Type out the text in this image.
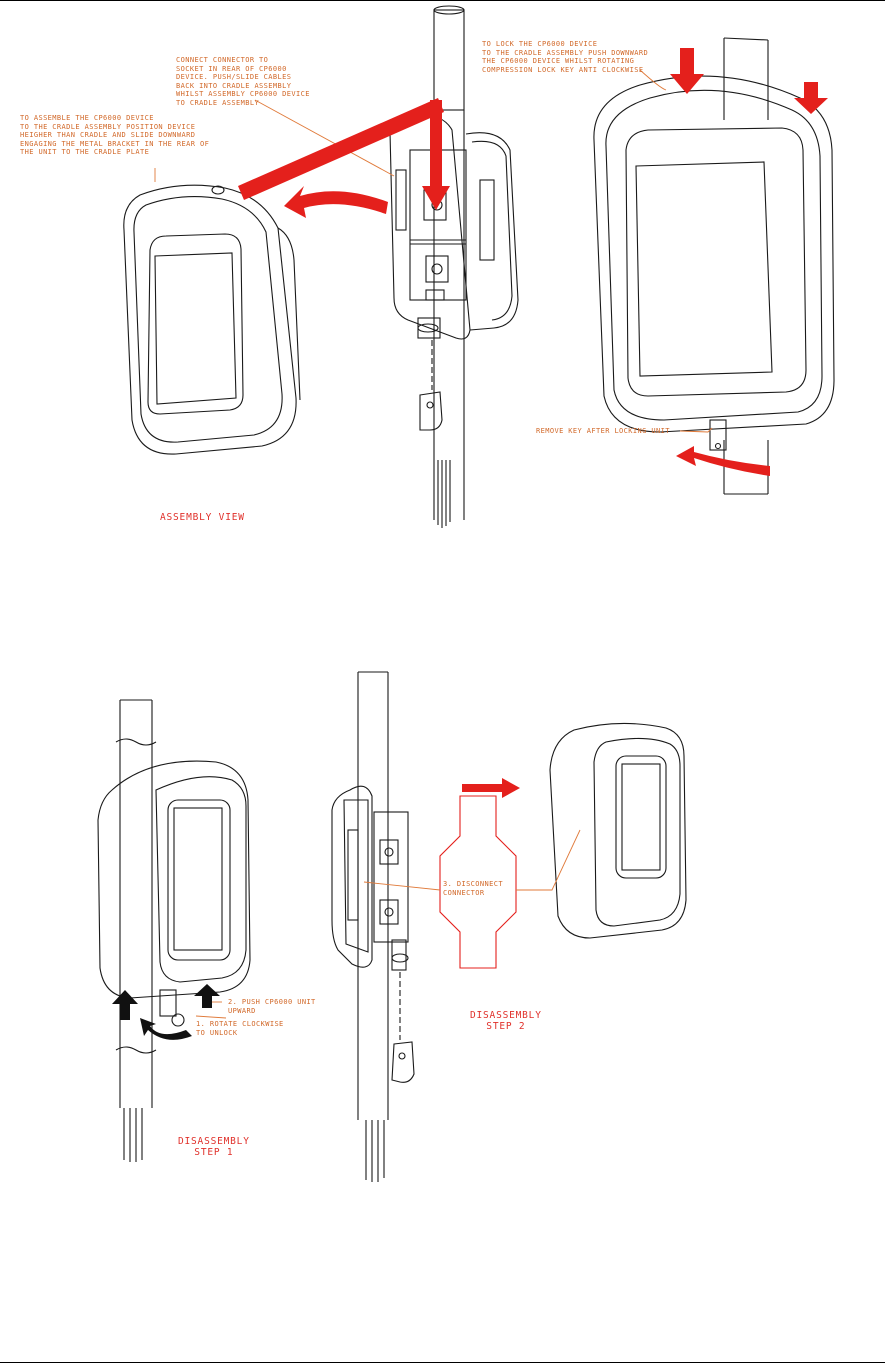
TO ASSEMBLE THE CP6000 DEVICE
TO THE CRADLE ASSEMBLY POSITION DEVICE
HEIGHER THAN CRADLE AND SLIDE DOWNWARD
ENGAGING THE METAL BRACKET IN THE REAR OF
THE UNIT TO THE CRADLE PLATE
CONNECT CONNECTOR TO
SOCKET IN REAR OF CP6000
DEVICE. PUSH/SLIDE CABLES
BACK INTO CRADLE ASSEMBLY
WHILST ASSEMBLY CP6000 DEVICE
TO CRADLE ASSEMBLY
TO LOCK THE CP6000 DEVICE
TO THE CRADLE ASSEMBLY PUSH DOWNWARD
THE CP6000 DEVICE WHILST ROTATING
COMPRESSION LOCK KEY ANTI CLOCKWISE
REMOVE KEY AFTER LOCKING UNIT
ASSEMBLY VIEW
2. PUSH CP6000 UNIT
UPWARD
1. ROTATE CLOCKWISE
TO UNLOCK
3. DISCONNECT
CONNECTOR
DISASSEMBLY
STEP 1
DISASSEMBLY
STEP 2
